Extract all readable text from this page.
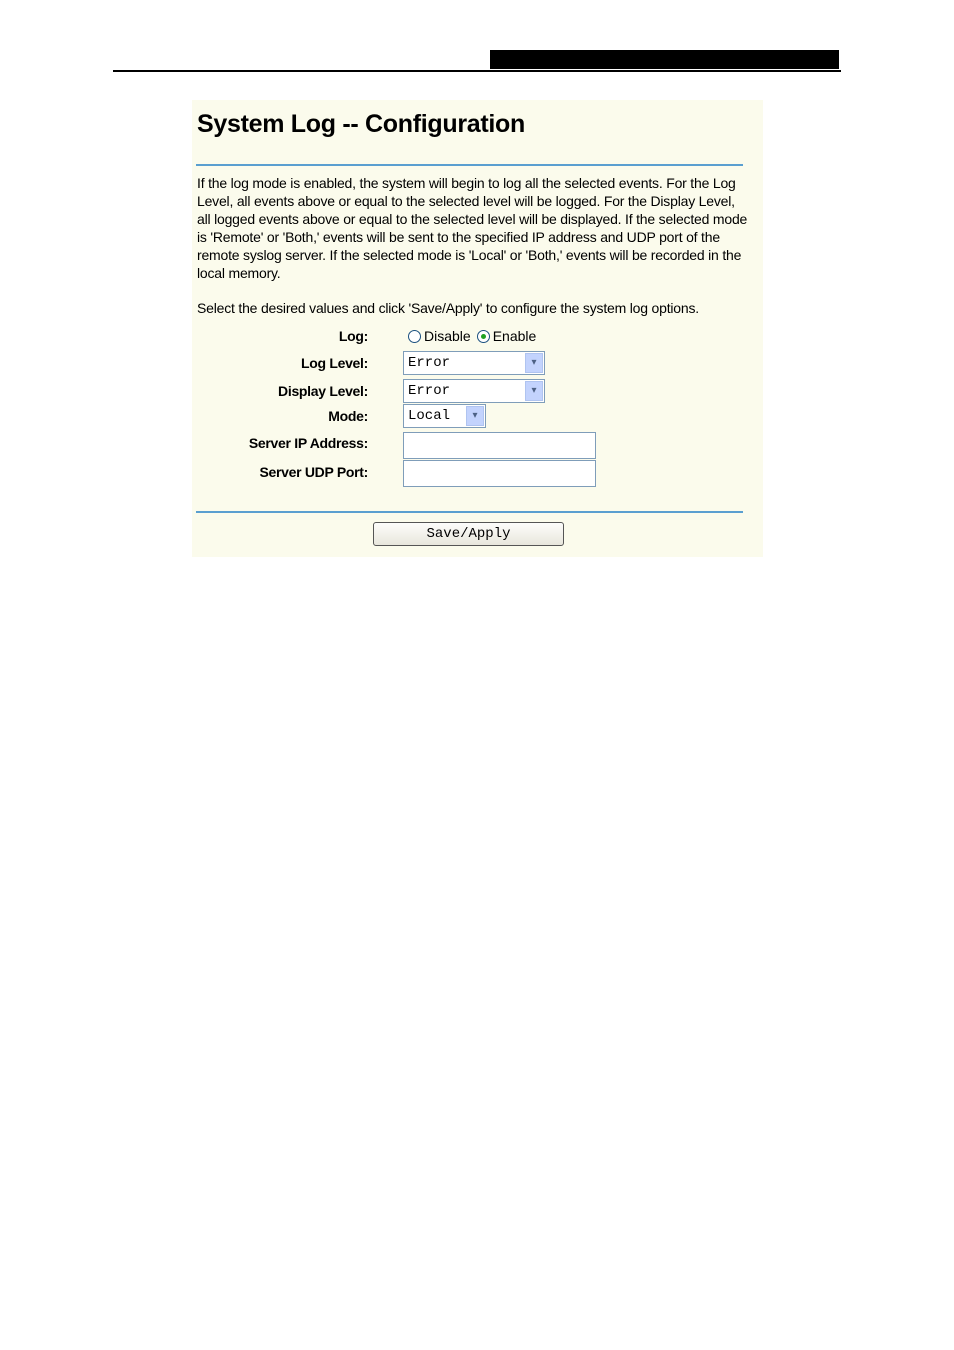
System Log -- Configuration
If the log mode is enabled, the system will begin to log all the selected events. For the Log Level, all events above or equal to the selected level will be logged. For the Display Level, all logged events above or equal to the selected level will be displayed. If the selected mode is 'Remote' or 'Both,' events will be sent to the specified IP address and UDP port of the remote syslog server. If the selected mode is 'Local' or 'Both,' events will be recorded in the local memory.
Select the desired values and click 'Save/Apply' to configure the system log options.
Log:	Disable Enable
Log Level:	Error	▾
Display Level:	Error	▾
Mode:	Local	▾
Server IP Address:
Server UDP Port:
Save/Apply
